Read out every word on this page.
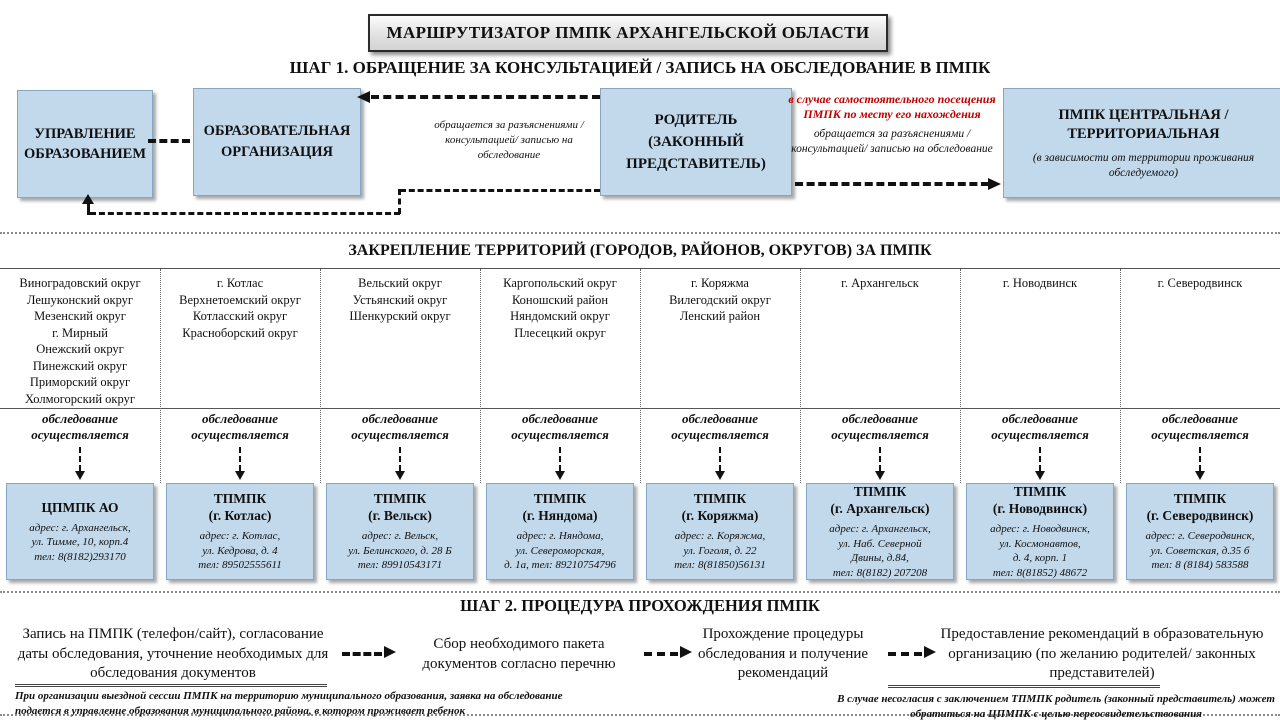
МАРШРУТИЗАТОР ПМПК АРХАНГЕЛЬСКОЙ ОБЛАСТИ
ШАГ 1. ОБРАЩЕНИЕ ЗА КОНСУЛЬТАЦИЕЙ / ЗАПИСЬ НА ОБСЛЕДОВАНИЕ В ПМПК
УПРАВЛЕНИЕ ОБРАЗОВАНИЕМ
ОБРАЗОВАТЕЛЬНАЯ ОРГАНИЗАЦИЯ
РОДИТЕЛЬ (ЗАКОННЫЙ ПРЕДСТАВИТЕЛЬ)
ПМПК ЦЕНТРАЛЬНАЯ / ТЕРРИТОРИАЛЬНАЯ
(в зависимости от территории проживания обследуемого)
обращается за разъяснениями / консультацией/ записью на обследование
в случае самостоятельного посещения ПМПК по месту его нахождения
обращается за разъяснениями / консультацией/ записью на обследование
ЗАКРЕПЛЕНИЕ ТЕРРИТОРИЙ (ГОРОДОВ, РАЙОНОВ, ОКРУГОВ) ЗА ПМПК
Виноградовский округ
Лешуконский округ
Мезенский округ
г. Мирный
Онежский округ
Пинежский округ
Приморский округ
Холмогорский округ
обследование осуществляется
ЦПМПК АО
адрес: г. Архангельск,
ул. Тимме, 10, корп.4
тел: 8(8182)293170
г. Котлас
Верхнетоемский округ
Котласский округ
Красноборский округ
обследование осуществляется
ТПМПК
(г. Котлас)
адрес: г. Котлас,
ул. Кедрова, д. 4
тел: 89502555611
Вельский округ
Устьянский округ
Шенкурский округ
обследование осуществляется
ТПМПК
(г. Вельск)
адрес: г. Вельск,
ул. Белинского, д. 28 Б
тел: 89910543171
Каргопольский округ
Коношский район
Няндомский округ
Плесецкий округ
обследование осуществляется
ТПМПК
(г. Няндома)
адрес: г. Няндома,
ул. Североморская,
д. 1а, тел: 89210754796
г. Коряжма
Вилегодский округ
Ленский район
обследование осуществляется
ТПМПК
(г. Коряжма)
адрес: г. Коряжма,
ул. Гоголя, д. 22
тел: 8(81850)56131
г. Архангельск
обследование осуществляется
ТПМПК
(г. Архангельск)
адрес: г. Архангельск,
ул. Наб. Северной
Двины, д.84,
тел: 8(8182) 207208
г. Новодвинск
обследование осуществляется
ТПМПК
(г. Новодвинск)
адрес: г. Новодвинск,
ул. Космонавтов,
д. 4, корп. 1
тел: 8(81852) 48672
г. Северодвинск
обследование осуществляется
ТПМПК
(г. Северодвинск)
адрес: г. Северодвинск,
ул. Советская, д.35 б
тел: 8 (8184) 583588
ШАГ 2. ПРОЦЕДУРА ПРОХОЖДЕНИЯ ПМПК
Запись на ПМПК (телефон/сайт), согласование даты обследования, уточнение необходимых для обследования документов
Сбор необходимого пакета документов согласно перечню
Прохождение процедуры обследования и получение рекомендаций
Предоставление рекомендаций в образовательную организацию (по желанию родителей/ законных представителей)
При организации выездной сессии ПМПК на территорию муниципального образования, заявка на обследование подается в управление образования муниципального района, в котором проживает ребенок
В случае несогласия с заключением ТПМПК родитель (законный представитель) может обратиться на ЦПМПК с целью переосвидетельствования
